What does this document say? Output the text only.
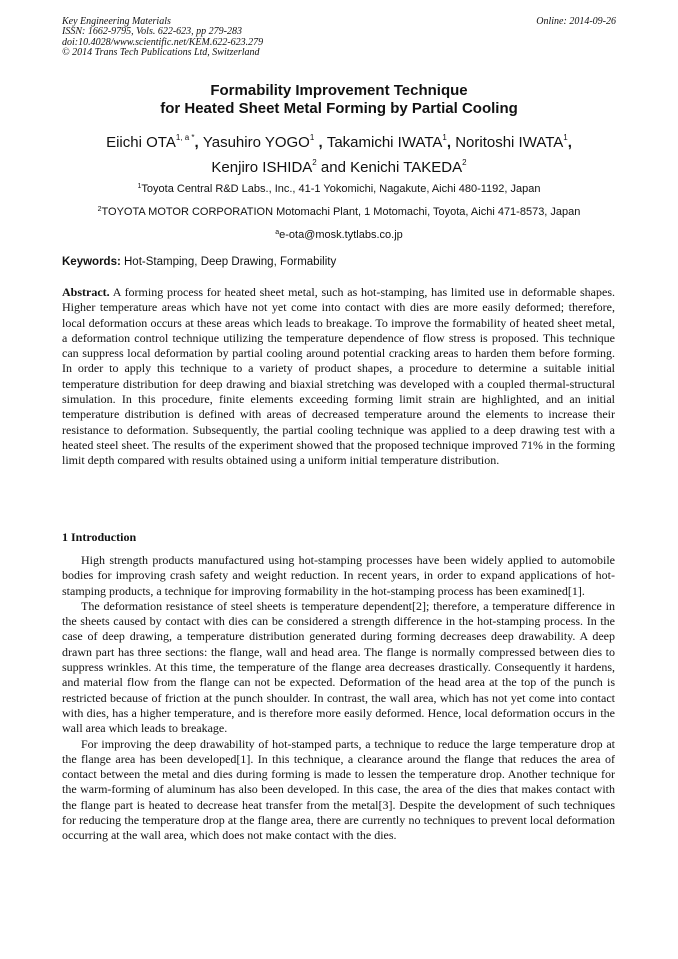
Key Engineering Materials
ISSN: 1662-9795, Vols. 622-623, pp 279-283
doi:10.4028/www.scientific.net/KEM.622-623.279
© 2014 Trans Tech Publications Ltd, Switzerland
Online: 2014-09-26
Formability Improvement Technique
for Heated Sheet Metal Forming by Partial Cooling
Eiichi $OTA^{1, a *}$, Yasuhiro YOGO$^1$ , Takamichi IWATA$^1$, Noritoshi IWATA$^1$,
Kenjiro ISHIDA$^2$ and Kenichi TAKEDA$^2$
$^1$Toyota Central R&D Labs., Inc., 41-1 Yokomichi, Nagakute, Aichi 480-1192, Japan
$^2$TOYOTA MOTOR CORPORATION Motomachi Plant, 1 Motomachi, Toyota, Aichi 471-8573, Japan
$^a$e-ota@mosk.tytlabs.co.jp
Keywords: Hot-Stamping, Deep Drawing, Formability

Abstract. A forming process for heated sheet metal, such as hot-stamping, has limited use in deformable shapes. Higher temperature areas which have not yet come into contact with dies are more easily deformed; therefore, local deformation occurs at these areas which leads to breakage. To improve the formability of heated sheet metal, a deformation control technique utilizing the temperature dependence of flow stress is proposed. This technique can suppress local deformation by partial cooling around potential cracking areas to harden them before forming. In order to apply this technique to a variety of product shapes, a procedure to determine a suitable initial temperature distribution for deep drawing and biaxial stretching was developed with a coupled thermal-structural simulation. In this procedure, finite elements exceeding forming limit strain are highlighted, and an initial temperature distribution is defined with areas of decreased temperature around the elements to increase their resistance to deformation. Subsequently, the partial cooling technique was applied to a deep drawing test with a heated steel sheet. The results of the experiment showed that the proposed technique improved 71% in the forming limit depth compared with results obtained using a uniform initial temperature distribution.

1 Introduction

High strength products manufactured using hot-stamping processes have been widely applied to automobile bodies for improving crash safety and weight reduction. In recent years, in order to expand applications of hot-stamping products, a technique for improving formability in the hot-stamping process has been examined[1].

The deformation resistance of steel sheets is temperature dependent[2]; therefore, a temperature difference in the sheets caused by contact with dies can be considered a strength difference in the hot-stamping process. In the case of deep drawing, a temperature distribution generated during forming decreases deep drawability. A deep drawn part has three sections: the flange, wall and head area. The flange is normally compressed between dies to suppress wrinkles. At this time, the temperature of the flange area decreases drastically. Consequently it hardens, and material flow from the flange can not be expected. Deformation of the head area at the top of the punch is restricted because of friction at the punch shoulder. In contrast, the wall area, which has not yet come into contact with dies, has a higher temperature, and is therefore more easily deformed. Hence, local deformation occurs in the wall area which leads to breakage.

For improving the deep drawability of hot-stamped parts, a technique to reduce the large temperature drop at the flange area has been developed[1]. In this technique, a clearance around the flange that reduces the area of contact between the metal and dies during forming is made to lessen the temperature drop. Another technique for the warm-forming of aluminum has also been developed. In this case, the area of the dies that makes contact with the flange part is heated to decrease heat transfer from the metal[3]. Despite the development of such techniques for reducing the temperature drop at the flange area, there are currently no techniques to prevent local deformation occurring at the wall area, which does not make contact with the dies.
